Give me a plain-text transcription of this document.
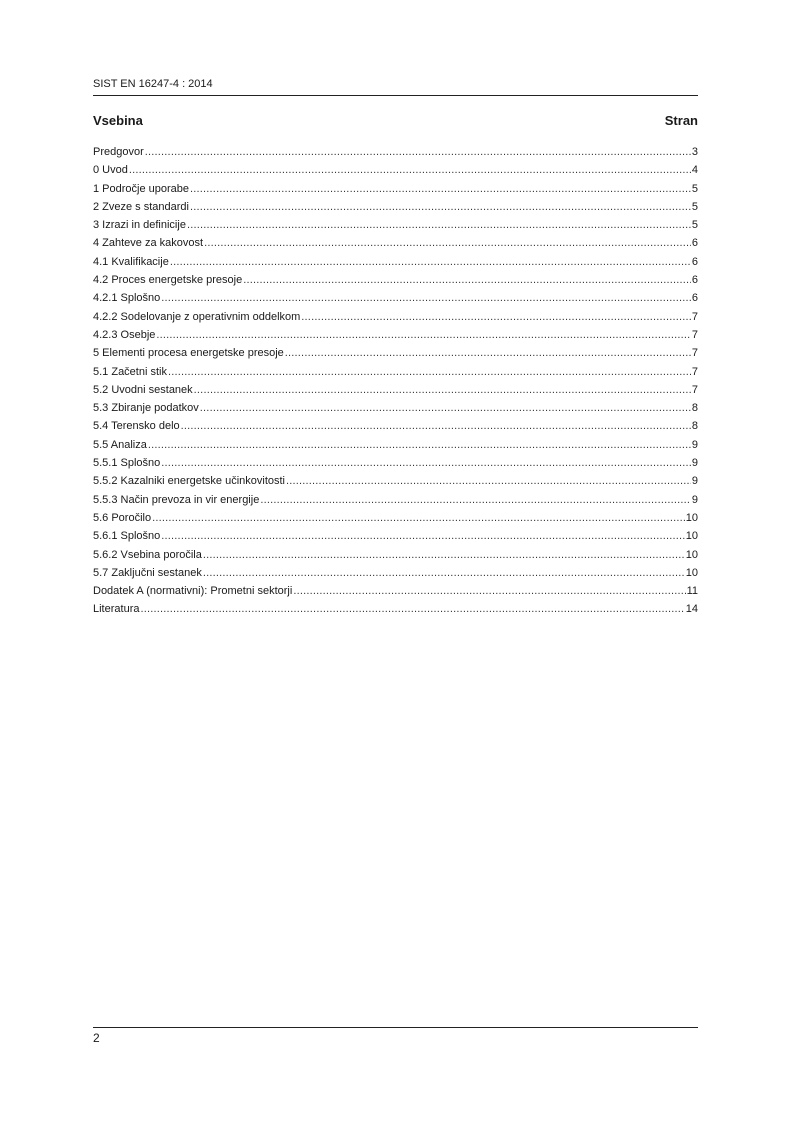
SIST EN 16247-4 : 2014
Vsebina	Stran
Predgovor .....	3
0 Uvod .....	4
1 Področje uporabe .....	5
2 Zveze s standardi .....	5
3 Izrazi in definicije .....	5
4 Zahteve za kakovost .....	6
4.1 Kvalifikacije .....	6
4.2 Proces energetske presoje .....	6
4.2.1 Splošno .....	6
4.2.2 Sodelovanje z operativnim oddelkom .....	7
4.2.3 Osebje .....	7
5 Elementi procesa energetske presoje .....	7
5.1 Začetni stik .....	7
5.2 Uvodni sestanek .....	7
5.3 Zbiranje podatkov .....	8
5.4 Terensko delo .....	8
5.5 Analiza .....	9
5.5.1 Splošno .....	9
5.5.2 Kazalniki energetske učinkovitosti .....	9
5.5.3 Način prevoza in vir energije .....	9
5.6 Poročilo .....	10
5.6.1 Splošno .....	10
5.6.2 Vsebina poročila .....	10
5.7 Zaključni sestanek .....	10
Dodatek A (normativni): Prometni sektorji .....	11
Literatura .....	14
2
